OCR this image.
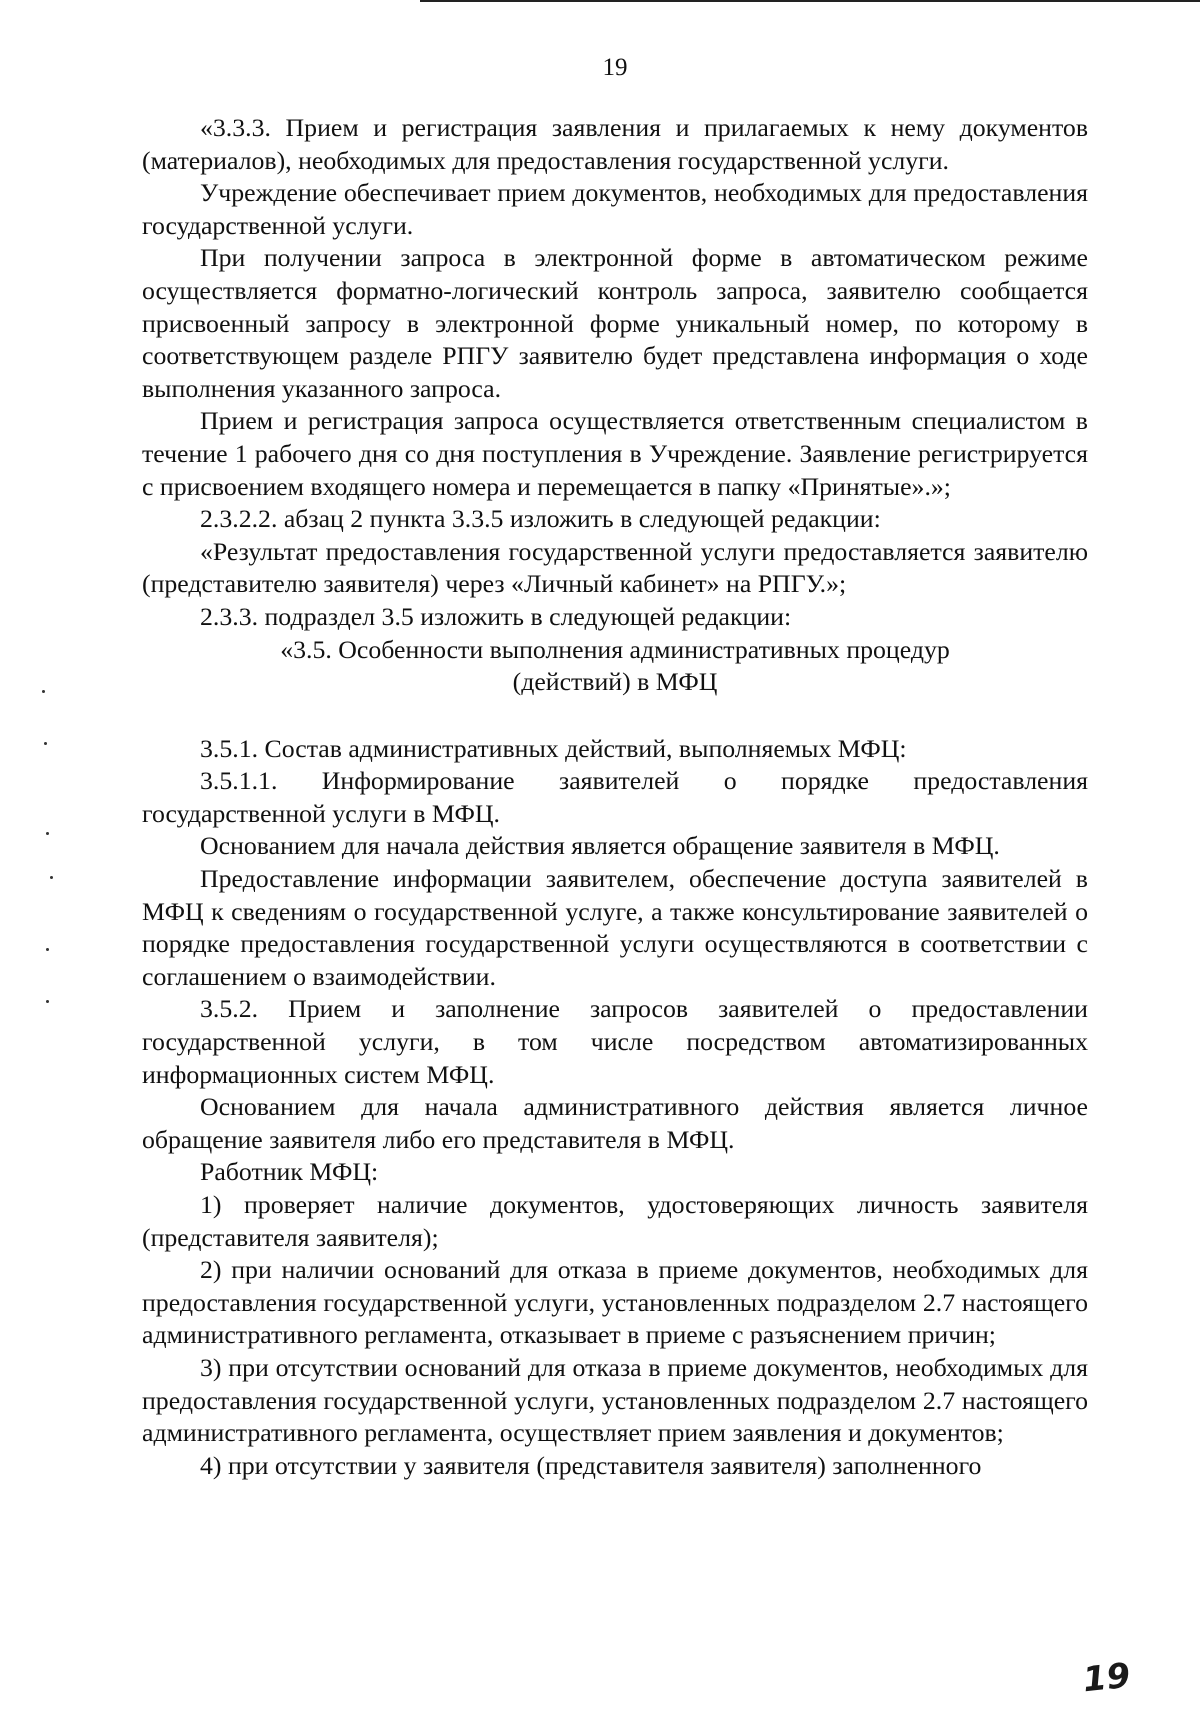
19

«3.3.3. Прием и регистрация заявления и прилагаемых к нему документов (материалов), необходимых для предоставления государственной услуги.

Учреждение обеспечивает прием документов, необходимых для предоставления государственной услуги.

При получении запроса в электронной форме в автоматическом режиме осуществляется форматно-логический контроль запроса, заявителю сообщается присвоенный запросу в электронной форме уникальный номер, по которому в соответствующем разделе РПГУ заявителю будет представлена информация о ходе выполнения указанного запроса.

Прием и регистрация запроса осуществляется ответственным специалистом в течение 1 рабочего дня со дня поступления в Учреждение. Заявление регистрируется с присвоением входящего номера и перемещается в папку «Принятые».»;

2.3.2.2. абзац 2 пункта 3.3.5 изложить в следующей редакции:

«Результат предоставления государственной услуги предоставляется заявителю (представителю заявителя) через «Личный кабинет» на РПГУ.»;

2.3.3. подраздел 3.5 изложить в следующей редакции:

«3.5. Особенности выполнения административных процедур

(действий) в МФЦ

3.5.1. Состав административных действий, выполняемых МФЦ:

3.5.1.1. Информирование заявителей о порядке предоставления государственной услуги в МФЦ.

Основанием для начала действия является обращение заявителя в МФЦ.

Предоставление информации заявителем, обеспечение доступа заявителей в МФЦ к сведениям о государственной услуге, а также консультирование заявителей о порядке предоставления государственной услуги осуществляются в соответствии с соглашением о взаимодействии.

3.5.2. Прием и заполнение запросов заявителей о предоставлении государственной услуги, в том числе посредством автоматизированных информационных систем МФЦ.

Основанием для начала административного действия является личное обращение заявителя либо его представителя в МФЦ.

Работник МФЦ:

1) проверяет наличие документов, удостоверяющих личность заявителя (представителя заявителя);

2) при наличии оснований для отказа в приеме документов, необходимых для предоставления государственной услуги, установленных подразделом 2.7 настоящего административного регламента, отказывает в приеме с разъяснением причин;

3) при отсутствии оснований для отказа в приеме документов, необходимых для предоставления государственной услуги, установленных подразделом 2.7 настоящего административного регламента, осуществляет прием заявления и документов;

4) при отсутствии у заявителя (представителя заявителя) заполненного

19
